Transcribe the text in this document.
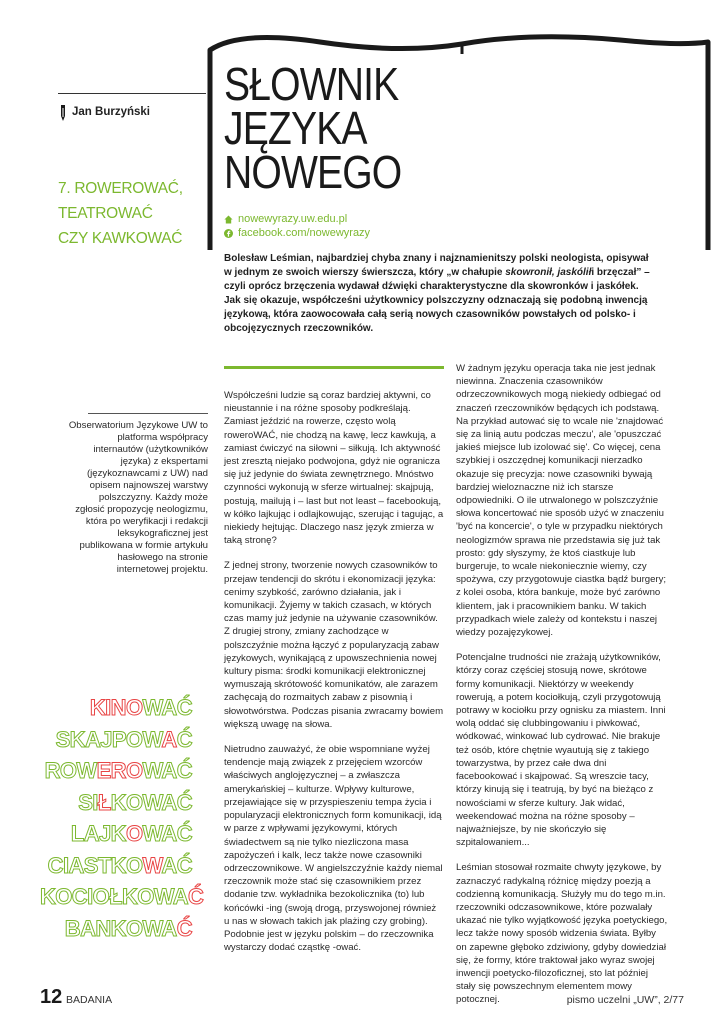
Jan Burzyński
SŁOWNIK
JĘZYKA
NOWEGO
nowewyrazy.uw.edu.pl
facebook.com/nowewyrazy
7. ROWEROWAĆ,
TEATROWAĆ
CZY KAWKOWAĆ

Bolesław Leśmian, najbardziej chyba znany i najznamienitszy polski neologista, opisywał w jednym ze swoich wierszy świerszcza, który „w chałupie skowronił, jaskóliłi brzęczał” – czyli oprócz brzęczenia wydawał dźwięki charakterystyczne dla skowronków i jaskółek. Jak się okazuje, współcześni użytkownicy polszczyzny odznaczają się podobną inwencją językową, która zaowocowała całą serią nowych czasowników powstałych od polsko- i obcojęzycznych rzeczowników.

Obserwatorium Językowe UW to platforma współpracy internautów (użytkowników języka) z ekspertami (językoznawcami z UW) nad opisem najnowszej warstwy polszczyzny. Każdy może zgłosić propozycję neologizmu, która po weryfikacji i redakcji leksykograficznej jest publikowana w formie artykułu hasłowego na stronie internetowej projektu.
KINOWAĆ
SKAJPOWAĆ
ROWEROWAĆ
SIŁKOWAĆ
LAJKOWAĆ
CIASTKOWAĆ
KOCIOŁKOWAĆ
BANKOWAĆ

Współcześni ludzie są coraz bardziej aktywni, co nieustannie i na różne sposoby podkreślają. Zamiast jeździć na rowerze, często wolą roweroWAĆ, nie chodzą na kawę, lecz kawkują, a zamiast ćwiczyć na siłowni – siłkują. Ich aktywność jest zresztą niejako podwojona, gdyż nie ogranicza się już jedynie do świata zewnętrznego. Mnóstwo czynności wykonują w sferze wirtualnej: skajpują, postują, mailują i – last but not least – facebookują, w kółko lajkując i odlajkowując, szerując i tagując, a niekiedy hejtując. Dlaczego nasz język zmierza w taką stronę?

Z jednej strony, tworzenie nowych czasowników to przejaw tendencji do skrótu i ekonomizacji języka: cenimy szybkość, zarówno działania, jak i komunikacji. Żyjemy w takich czasach, w których czas mamy już jedynie na używanie czasowników. Z drugiej strony, zmiany zachodzące w polszczyźnie można łączyć z popularyzacją zabaw językowych, wynikającą z upowszechnienia nowej kultury pisma: środki komunikacji elektronicznej wymuszają skrótowość komunikatów, ale zarazem zachęcają do rozmaitych zabaw z pisownią i słowotwórstwa. Podczas pisania zwracamy bowiem większą uwagę na słowa.

Nietrudno zauważyć, że obie wspomniane wyżej tendencje mają związek z przejęciem wzorców właściwych anglojęzycznej – a zwłaszcza amerykańskiej – kulturze. Wpływy kulturowe, przejawiające się w przyspieszeniu tempa życia i popularyzacji elektronicznych form komunikacji, idą w parze z wpływami językowymi, których świadectwem są nie tylko niezliczona masa zapożyczeń i kalk, lecz także nowe czasowniki odrzeczownikowe. W angielszczyźnie każdy niemal rzeczownik może stać się czasownikiem przez dodanie tzw. wykładnika bezokolicznika (to) lub końcówki -ing (swoją drogą, przyswojonej również u nas w słowach takich jak plażing czy grobing). Podobnie jest w języku polskim – do rzeczownika wystarczy dodać cząstkę -ować.

W żadnym języku operacja taka nie jest jednak niewinna. Znaczenia czasowników odrzeczownikowych mogą niekiedy odbiegać od znaczeń rzeczowników będących ich podstawą. Na przykład autować się to wcale nie 'znajdować się za linią autu podczas meczu', ale 'opuszczać jakieś miejsce lub izolować się'. Co więcej, cena szybkiej i oszczędnej komunikacji nierzadko okazuje się precyzja: nowe czasowniki bywają bardziej wieloznaczne niż ich starsze odpowiedniki. O ile utrwalonego w polszczyźnie słowa koncertować nie sposób użyć w znaczeniu 'być na koncercie', o tyle w przypadku niektórych neologizmów sprawa nie przedstawia się już tak prosto: gdy słyszymy, że ktoś ciastkuje lub burgeruje, to wcale niekoniecznie wiemy, czy spożywa, czy przygotowuje ciastka bądź burgery; z kolei osoba, która bankuje, może być zarówno klientem, jak i pracownikiem banku. W takich przypadkach wiele zależy od kontekstu i naszej wiedzy pozajęzykowej.

Potencjalne trudności nie zrażają użytkowników, którzy coraz częściej stosują nowe, skrótowe formy komunikacji. Niektórzy w weekendy rowerują, a potem kociołkują, czyli przygotowują potrawy w kociołku przy ognisku za miastem. Inni wolą oddać się clubbingowaniu i piwkować, wódkować, winkować lub cydrować. Nie brakuje też osób, które chętnie wyautują się z takiego towarzystwa, by przez całe dwa dni facebookować i skajpować. Są wreszcie tacy, którzy kinują się i teatrują, by być na bieżąco z nowościami w sferze kultury. Jak widać, weekendować można na różne sposoby – najważniejsze, by nie skończyło się szpitalowaniem...

Leśmian stosował rozmaite chwyty językowe, by zaznaczyć radykalną różnicę między poezją a codzienną komunikacją. Służyły mu do tego m.in. rzeczowniki odczasownikowe, które pozwalały ukazać nie tylko wyjątkowość języka poetyckiego, lecz także nowy sposób widzenia świata. Byłby on zapewne głęboko zdziwiony, gdyby dowiedział się, że formy, które traktował jako wyraz swojej inwencji poetycko-filozoficznej, sto lat później stały się powszechnym elementem mowy potocznej.

12 BADANIA	pismo uczelni „UW”, 2/77
